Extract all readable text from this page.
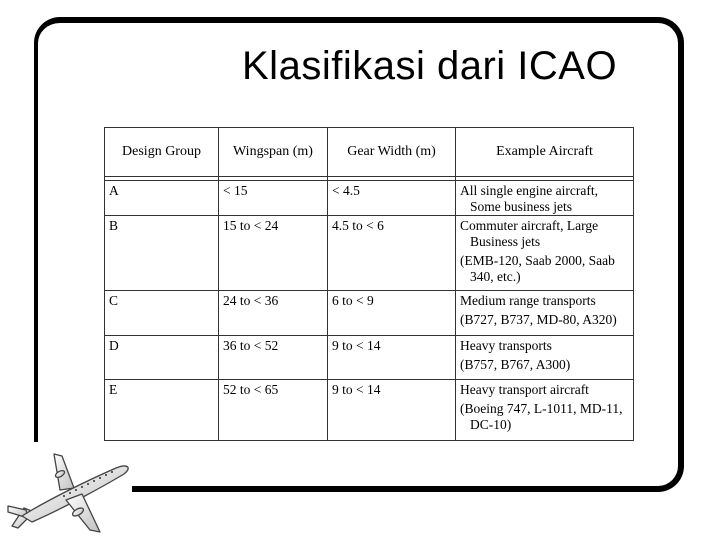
Klasifikasi dari ICAO
Design Group	Wingspan (m)	Gear Width (m)	Example Aircraft

A	< 15	< 4.5	All single engine aircraft,
Some business jets

B	15 to < 24	4.5 to < 6	Commuter aircraft, Large
Business jets
(EMB-120, Saab 2000, Saab
340, etc.)

C	24 to < 36	6 to < 9	Medium range transports
(B727, B737, MD-80, A320)

D	36 to < 52	9 to < 14	Heavy transports
(B757, B767, A300)

E	52 to < 65	9 to < 14	Heavy transport aircraft
(Boeing 747, L-1011, MD-11,
DC-10)
